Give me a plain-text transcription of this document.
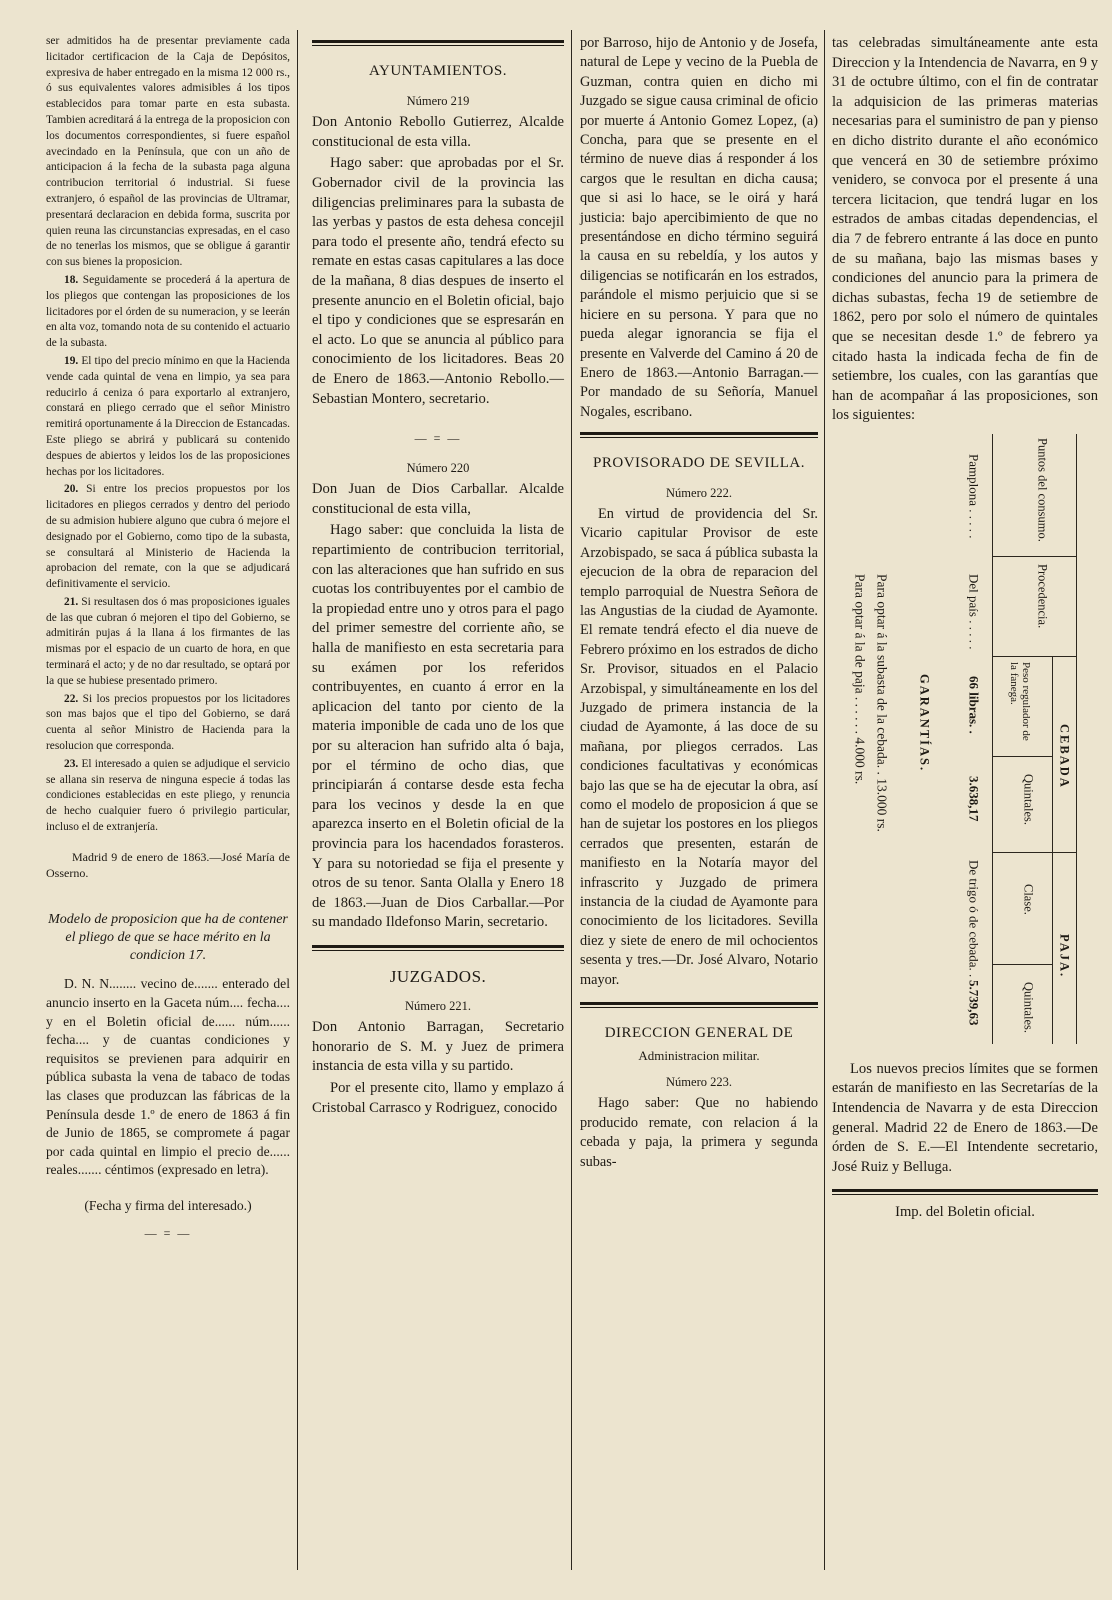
ser admitidos ha de presentar previamente cada licitador certificacion de la Caja de Depósitos, expresiva de haber entregado en la misma 12 000 rs., ó sus equivalentes valores admisibles á los tipos establecidos para tomar parte en esta subasta. Tambien acreditará á la entrega de la proposicion con los documentos correspondientes, si fuere español avecindado en la Península, que con un año de anticipacion á la fecha de la subasta paga alguna contribucion territorial ó industrial. Si fuese extranjero, ó español de las provincias de Ultramar, presentará declaracion en debida forma, suscrita por quien reuna las circunstancias expresadas, en el caso de no tenerlas los mismos, que se obligue á garantir con sus bienes la proposicion.

18. Seguidamente se procederá á la apertura de los pliegos que contengan las proposiciones de los licitadores por el órden de su numeracion, y se leerán en alta voz, tomando nota de su contenido el actuario de la subasta.

19. El tipo del precio mínimo en que la Hacienda vende cada quintal de vena en limpio, ya sea para reducirlo á ceniza ó para exportarlo al extranjero, constará en pliego cerrado que el señor Ministro remitirá oportunamente á la Direccion de Estancadas. Este pliego se abrirá y publicará su contenido despues de abiertos y leidos los de las proposiciones hechas por los licitadores.

20. Si entre los precios propuestos por los licitadores en pliegos cerrados y dentro del periodo de su admision hubiere alguno que cubra ó mejore el designado por el Gobierno, como tipo de la subasta, se consultará al Ministerio de Hacienda la aprobacion del remate, con la que se adjudicará definitivamente el servicio.

21. Si resultasen dos ó mas proposiciones iguales de las que cubran ó mejoren el tipo del Gobierno, se admitirán pujas á la llana á los firmantes de las mismas por el espacio de un cuarto de hora, en que terminará el acto; y de no dar resultado, se optará por la que se hubiese presentado primero.

22. Si los precios propuestos por los licitadores son mas bajos que el tipo del Gobierno, se dará cuenta al señor Ministro de Hacienda para la resolucion que corresponda.

23. El interesado a quien se adjudique el servicio se allana sin reserva de ninguna especie á todas las condiciones establecidas en este pliego, y renuncia de hecho cualquier fuero ó privilegio particular, incluso el de extranjería.

Madrid 9 de enero de 1863.—José María de Osserno.

Modelo de proposicion que ha de contener el pliego de que se hace mérito en la condicion 17.

D. N. N........ vecino de....... enterado del anuncio inserto en la Gaceta núm.... fecha.... y en el Boletin oficial de...... núm...... fecha.... y de cuantas condiciones y requisitos se previenen para adquirir en pública subasta la vena de tabaco de todas las clases que produzcan las fábricas de la Península desde 1.º de enero de 1863 á fin de Junio de 1865, se compromete á pagar por cada quintal en limpio el precio de...... reales....... céntimos (expresado en letra).

(Fecha y firma del interesado.)

— = —
AYUNTAMIENTOS.
Número 219

Don Antonio Rebollo Gutierrez, Alcalde constitucional de esta villa.

Hago saber: que aprobadas por el Sr. Gobernador civil de la provincia las diligencias preliminares para la subasta de las yerbas y pastos de esta dehesa concejil para todo el presente año, tendrá efecto su remate en estas casas capitulares a las doce de la mañana, 8 dias despues de inserto el presente anuncio en el Boletin oficial, bajo el tipo y condiciones que se espresarán en el acto. Lo que se anuncia al público para conocimiento de los licitadores. Beas 20 de Enero de 1863.—Antonio Rebollo.—Sebastian Montero, secretario.

— = —
Número 220

Don Juan de Dios Carballar. Alcalde constitucional de esta villa,

Hago saber: que concluida la lista de repartimiento de contribucion territorial, con las alteraciones que han sufrido en sus cuotas los contribuyentes por el cambio de la propiedad entre uno y otros para el pago del primer semestre del corriente año, se halla de manifiesto en esta secretaria para su exámen por los referidos contribuyentes, en cuanto á error en la aplicacion del tanto por ciento de la materia imponible de cada uno de los que por su alteracion han sufrido alta ó baja, por el término de ocho dias, que principiarán á contarse desde esta fecha para los vecinos y desde la en que aparezca inserto en el Boletin oficial de la provincia para los hacendados forasteros. Y para su notoriedad se fija el presente y otros de su tenor. Santa Olalla y Enero 18 de 1863.—Juan de Dios Carballar.—Por su mandado Ildefonso Marin, secretario.

JUZGADOS.
Número 221.

Don Antonio Barragan, Secretario honorario de S. M. y Juez de primera instancia de esta villa y su partido.

Por el presente cito, llamo y emplazo á Cristobal Carrasco y Rodriguez, conocido

por Barroso, hijo de Antonio y de Josefa, natural de Lepe y vecino de la Puebla de Guzman, contra quien en dicho mi Juzgado se sigue causa criminal de oficio por muerte á Antonio Gomez Lopez, (a) Concha, para que se presente en el término de nueve dias á responder á los cargos que le resultan en dicha causa; que si asi lo hace, se le oirá y hará justicia: bajo apercibimiento de que no presentándose en dicho término seguirá la causa en su rebeldía, y los autos y diligencias se notificarán en los estrados, parándole el mismo perjuicio que si se hiciere en su persona. Y para que no pueda alegar ignorancia se fija el presente en Valverde del Camino á 20 de Enero de 1863.—Antonio Barragan.—Por mandado de su Señoría, Manuel Nogales, escribano.

PROVISORADO DE SEVILLA.
Número 222.

En virtud de providencia del Sr. Vicario capitular Provisor de este Arzobispado, se saca á pública subasta la ejecucion de la obra de reparacion del templo parroquial de Nuestra Señora de las Angustias de la ciudad de Ayamonte. El remate tendrá efecto el dia nueve de Febrero próximo en los estrados de dicho Sr. Provisor, situados en el Palacio Arzobispal, y simultáneamente en los del Juzgado de primera instancia de la ciudad de Ayamonte, á las doce de su mañana, por pliegos cerrados. Las condiciones facultativas y económicas bajo las que se ha de ejecutar la obra, así como el modelo de proposicion á que se han de sujetar los postores en los pliegos cerrados que presenten, estarán de manifiesto en la Notaría mayor del infrascrito y Juzgado de primera instancia de la ciudad de Ayamonte para conocimiento de los licitadores. Sevilla diez y siete de enero de mil ochocientos sesenta y tres.—Dr. José Alvaro, Notario mayor.

DIRECCION GENERAL DE
Administracion militar.
Número 223.

Hago saber: Que no habiendo producido remate, con relacion á la cebada y paja, la primera y segunda subas-

tas celebradas simultáneamente ante esta Direccion y la Intendencia de Navarra, en 9 y 31 de octubre último, con el fin de contratar la adquisicion de las primeras materias necesarias para el suministro de pan y pienso en dicho distrito durante el año económico que vencerá en 30 de setiembre próximo venidero, se convoca por el presente á una tercera licitacion, que tendrá lugar en los estrados de ambas citadas dependencias, el dia 7 de febrero entrante á las doce en punto de su mañana, bajo las mismas bases y condiciones del anuncio para la primera de dichas subastas, fecha 19 de setiembre de 1862, pero por solo el número de quintales que se necesitan desde 1.º de febrero ya citado hasta la indicada fecha de fin de setiembre, los cuales, con las garantías que han de acompañar á las proposiciones, son los siguientes:

Puntos del consumo.
Procedencia.
CEBADA
Peso regulador de la fanega.
Quintales.
PAJA.
Clase.
Quintales.
Pamplona . . . . .
Del país . . . . .
66 libras. .
3.638,17
De trigo ó de cebada. .
5.739,63
GARANTÍAS.
Para optar á la subasta de la cebada. . 13.000 rs.
Para optar á la de paja . . . . . . 4.000 rs.

Los nuevos precios límites que se formen estarán de manifiesto en las Secretarías de la Intendencia de Navarra y de esta Direccion general. Madrid 22 de Enero de 1863.—De órden de S. E.—El Intendente secretario, José Ruiz y Belluga.

Imp. del Boletin oficial.
